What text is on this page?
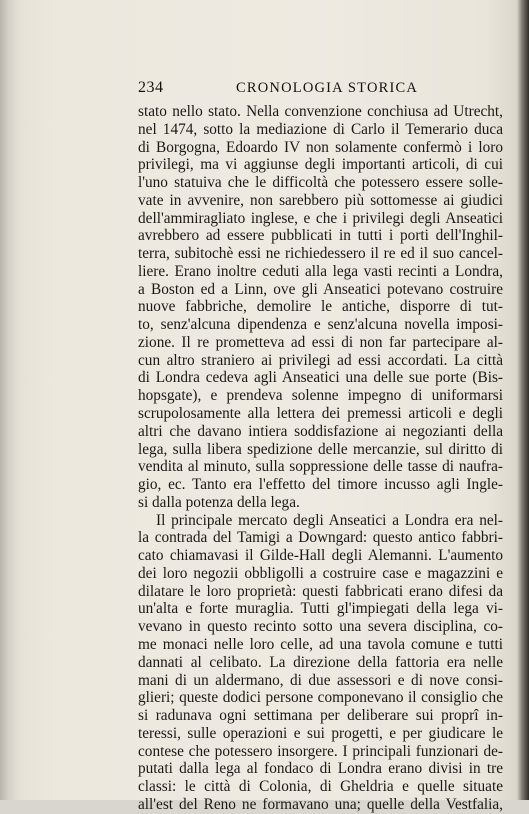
234	CRONOLOGIA STORICA
stato nello stato. Nella convenzione conchiusa ad Utrecht,
nel 1474, sotto la mediazione di Carlo il Temerario duca
di Borgogna, Edoardo IV non solamente confermò i loro
privilegi, ma vi aggiunse degli importanti articoli, di cui
l'uno statuiva che le difficoltà che potessero essere solle-
vate in avvenire, non sarebbero più sottomesse ai giudici
dell'ammiragliato inglese, e che i privilegi degli Anseatici
avrebbero ad essere pubblicati in tutti i porti dell'Inghil-
terra, subitochè essi ne richiedessero il re ed il suo cancel-
liere. Erano inoltre ceduti alla lega vasti recinti a Londra,
a Boston ed a Linn, ove gli Anseatici potevano costruire
nuove fabbriche, demolire le antiche, disporre di tut-
to, senz'alcuna dipendenza e senz'alcuna novella imposi-
zione. Il re prometteva ad essi di non far partecipare al-
cun altro straniero ai privilegi ad essi accordati. La città
di Londra cedeva agli Anseatici una delle sue porte (Bis-
hopsgate), e prendeva solenne impegno di uniformarsi
scrupolosamente alla lettera dei premessi articoli e degli
altri che davano intiera soddisfazione ai negozianti della
lega, sulla libera spedizione delle mercanzie, sul diritto di
vendita al minuto, sulla soppressione delle tasse di naufra-
gio, ec. Tanto era l'effetto del timore incusso agli Ingle-
si dalla potenza della lega.
Il principale mercato degli Anseatici a Londra era nel-
la contrada del Tamigi a Downgard: questo antico fabbri-
cato chiamavasi il Gilde-Hall degli Alemanni. L'aumento
dei loro negozii obbligolli a costruire case e magazzini e
dilatare le loro proprietà: questi fabbricati erano difesi da
un'alta e forte muraglia. Tutti gl'impiegati della lega vi-
vevano in questo recinto sotto una severa disciplina, co-
me monaci nelle loro celle, ad una tavola comune e tutti
dannati al celibato. La direzione della fattoria era nelle
mani di un aldermano, di due assessori e di nove consi-
glieri; queste dodici persone componevano il consiglio che
si radunava ogni settimana per deliberare sui proprî in-
teressi, sulle operazioni e sui progetti, e per giudicare le
contese che potessero insorgere. I principali funzionari de-
putati dalla lega al fondaco di Londra erano divisi in tre
classi: le città di Colonia, di Gheldria e quelle situate
all'est del Reno ne formavano una; quelle della Vestfalia,
